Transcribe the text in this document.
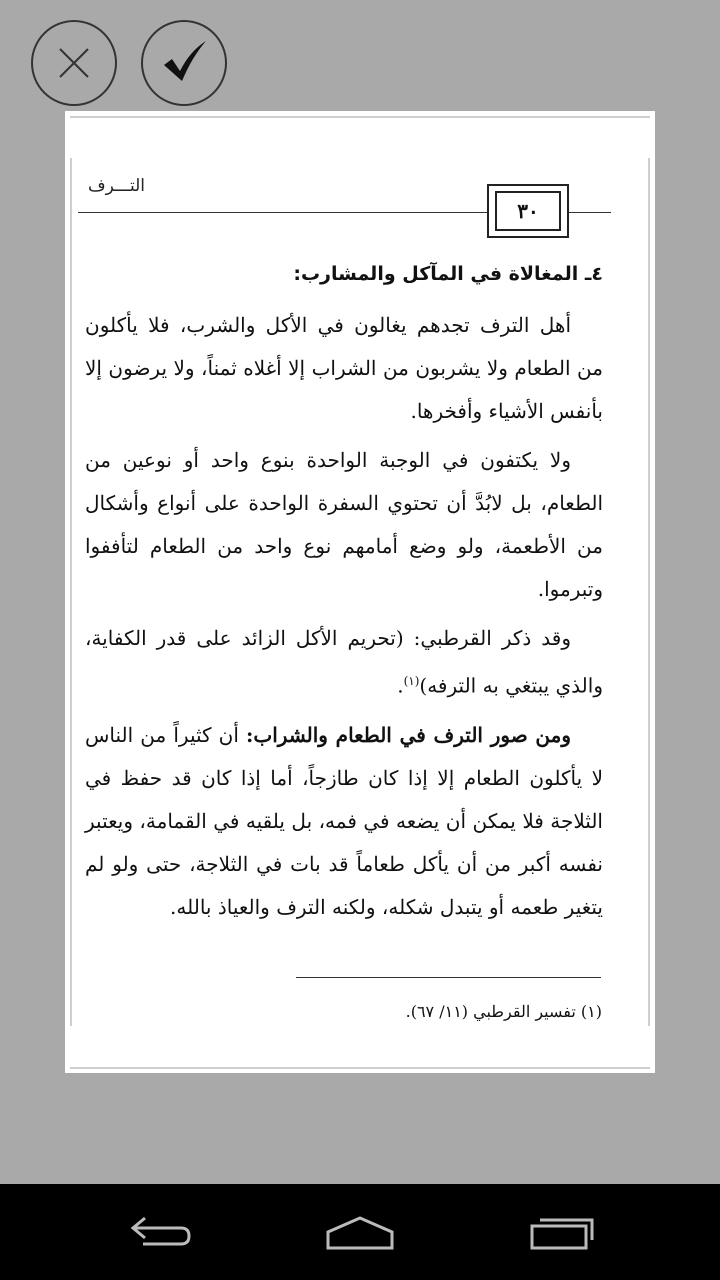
التـــرف
٣٠
٤ـ المغالاة في المآكل والمشارب:

أهل الترف تجدهم يغالون في الأكل والشرب، فلا يأكلون من الطعام ولا يشربون من الشراب إلا أغلاه ثمناً، ولا يرضون إلا بأنفس الأشياء وأفخرها.

ولا يكتفون في الوجبة الواحدة بنوع واحد أو نوعين من الطعام، بل لابُدَّ أن تحتوي السفرة الواحدة على أنواع وأشكال من الأطعمة، ولو وضع أمامهم نوع واحد من الطعام لتأففوا وتبرموا.

وقد ذكر القرطبي: (تحريم الأكل الزائد على قدر الكفاية، والذي يبتغي به الترفه)$^{(١)}$.

ومن صور الترف في الطعام والشراب: أن كثيراً من الناس لا يأكلون الطعام إلا إذا كان طازجاً، أما إذا كان قد حفظ في الثلاجة فلا يمكن أن يضعه في فمه، بل يلقيه في القمامة، ويعتبر نفسه أكبر من أن يأكل طعاماً قد بات في الثلاجة، حتى ولو لم يتغير طعمه أو يتبدل شكله، ولكنه الترف والعياذ بالله.

(١) تفسير القرطبي (١١/ ٦٧).
